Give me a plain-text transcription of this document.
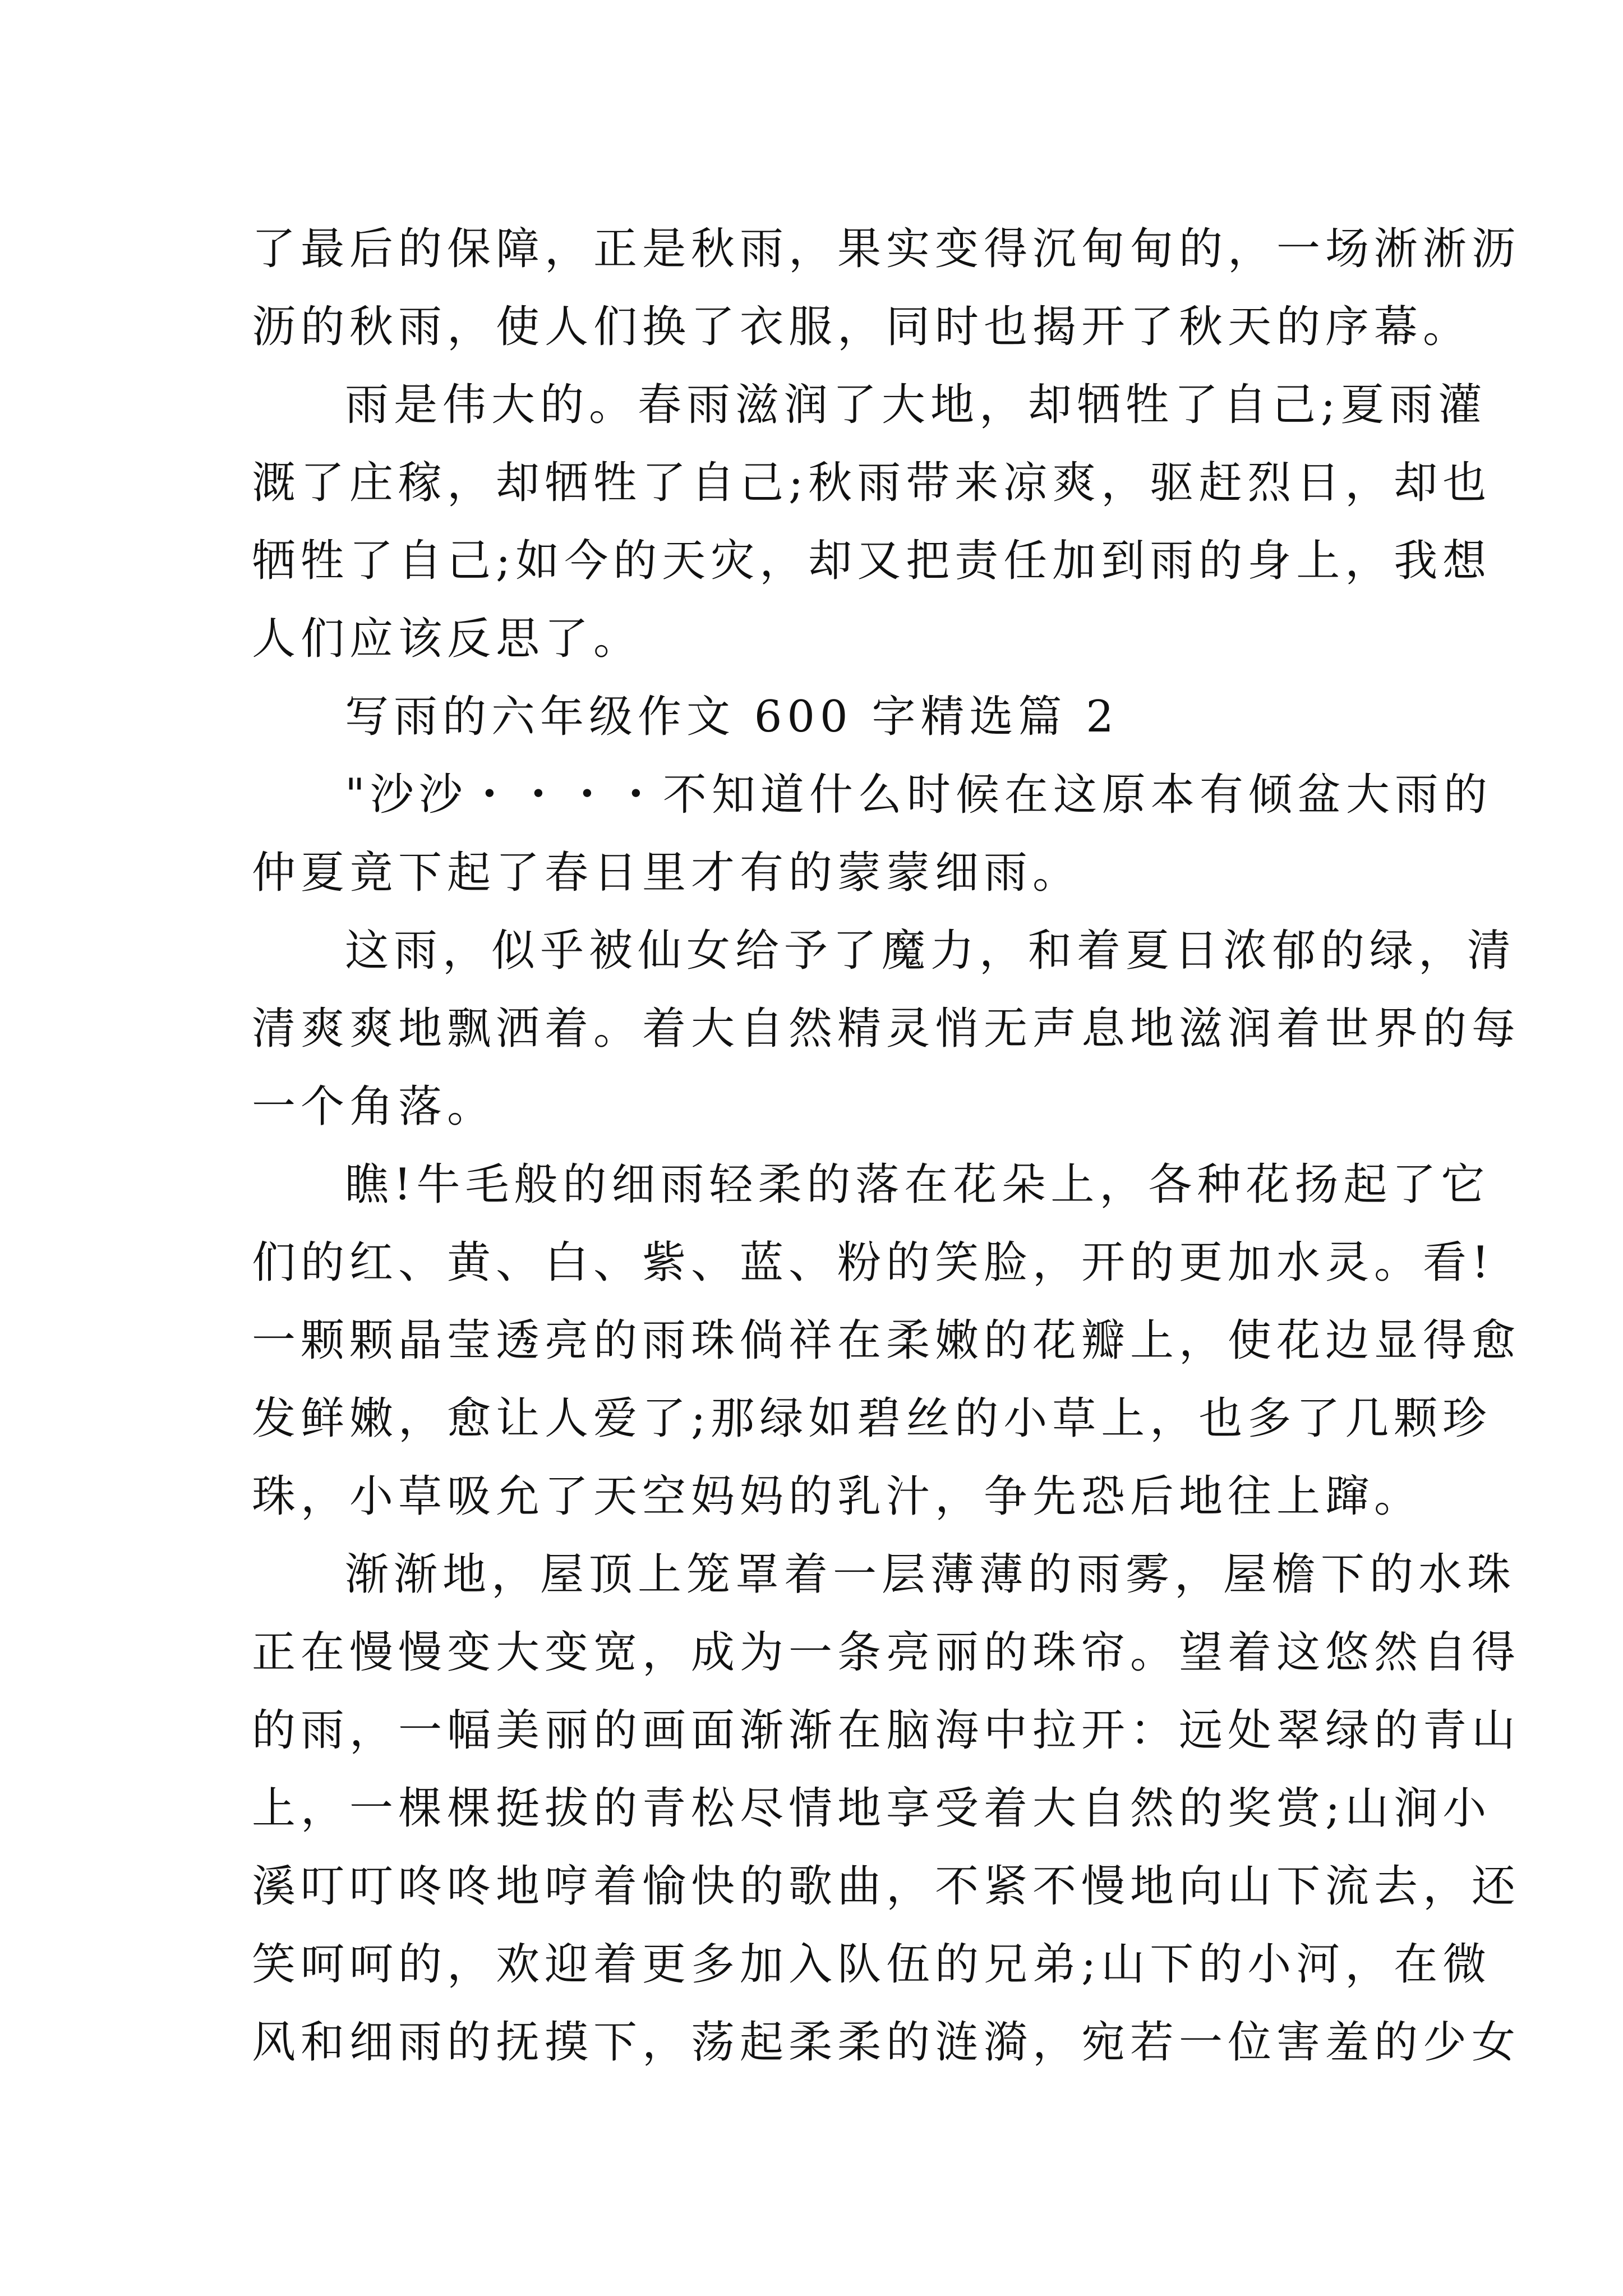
了最后的保障，正是秋雨，果实变得沉甸甸的，一场淅淅沥
沥的秋雨，使人们换了衣服，同时也揭开了秋天的序幕。
雨是伟大的。春雨滋润了大地，却牺牲了自己;夏雨灌
溉了庄稼，却牺牲了自己;秋雨带来凉爽，驱赶烈日，却也
牺牲了自己;如今的天灾，却又把责任加到雨的身上，我想
人们应该反思了。
写雨的六年级作文 600 字精选篇 2
"沙沙・・・・不知道什么时候在这原本有倾盆大雨的
仲夏竟下起了春日里才有的蒙蒙细雨。
这雨，似乎被仙女给予了魔力，和着夏日浓郁的绿，清
清爽爽地飘洒着。着大自然精灵悄无声息地滋润着世界的每
一个角落。
瞧!牛毛般的细雨轻柔的落在花朵上，各种花扬起了它
们的红、黄、白、紫、蓝、粉的笑脸，开的更加水灵。看!
一颗颗晶莹透亮的雨珠倘祥在柔嫩的花瓣上，使花边显得愈
发鲜嫩，愈让人爱了;那绿如碧丝的小草上，也多了几颗珍
珠，小草吸允了天空妈妈的乳汁，争先恐后地往上蹿。
渐渐地，屋顶上笼罩着一层薄薄的雨雾，屋檐下的水珠
正在慢慢变大变宽，成为一条亮丽的珠帘。望着这悠然自得
的雨，一幅美丽的画面渐渐在脑海中拉开：远处翠绿的青山
上，一棵棵挺拔的青松尽情地享受着大自然的奖赏;山涧小
溪叮叮咚咚地哼着愉快的歌曲，不紧不慢地向山下流去，还
笑呵呵的，欢迎着更多加入队伍的兄弟;山下的小河，在微
风和细雨的抚摸下，荡起柔柔的涟漪，宛若一位害羞的少女
